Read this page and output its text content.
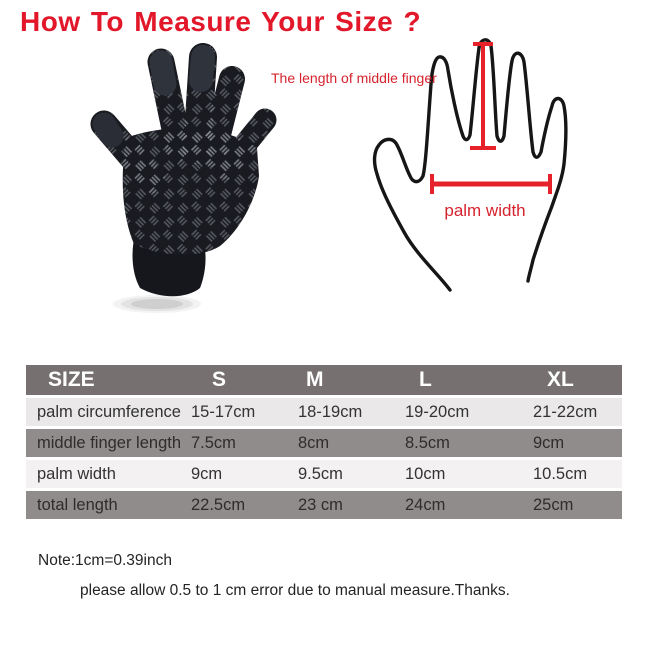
How To Measure Your Size ?
palm width
The length of middle finger
SIZE	S	M	L	XL
palm circumference 15-17cm	18-19cm	19-20cm	21-22cm
middle finger length 7.5cm	8cm	8.5cm	9cm
palm width	9cm	9.5cm	10cm	10.5cm
total length	22.5cm	23 cm	24cm	25cm
Note:1cm=0.39inch
please allow 0.5 to 1 cm error due to manual measure.Thanks.
